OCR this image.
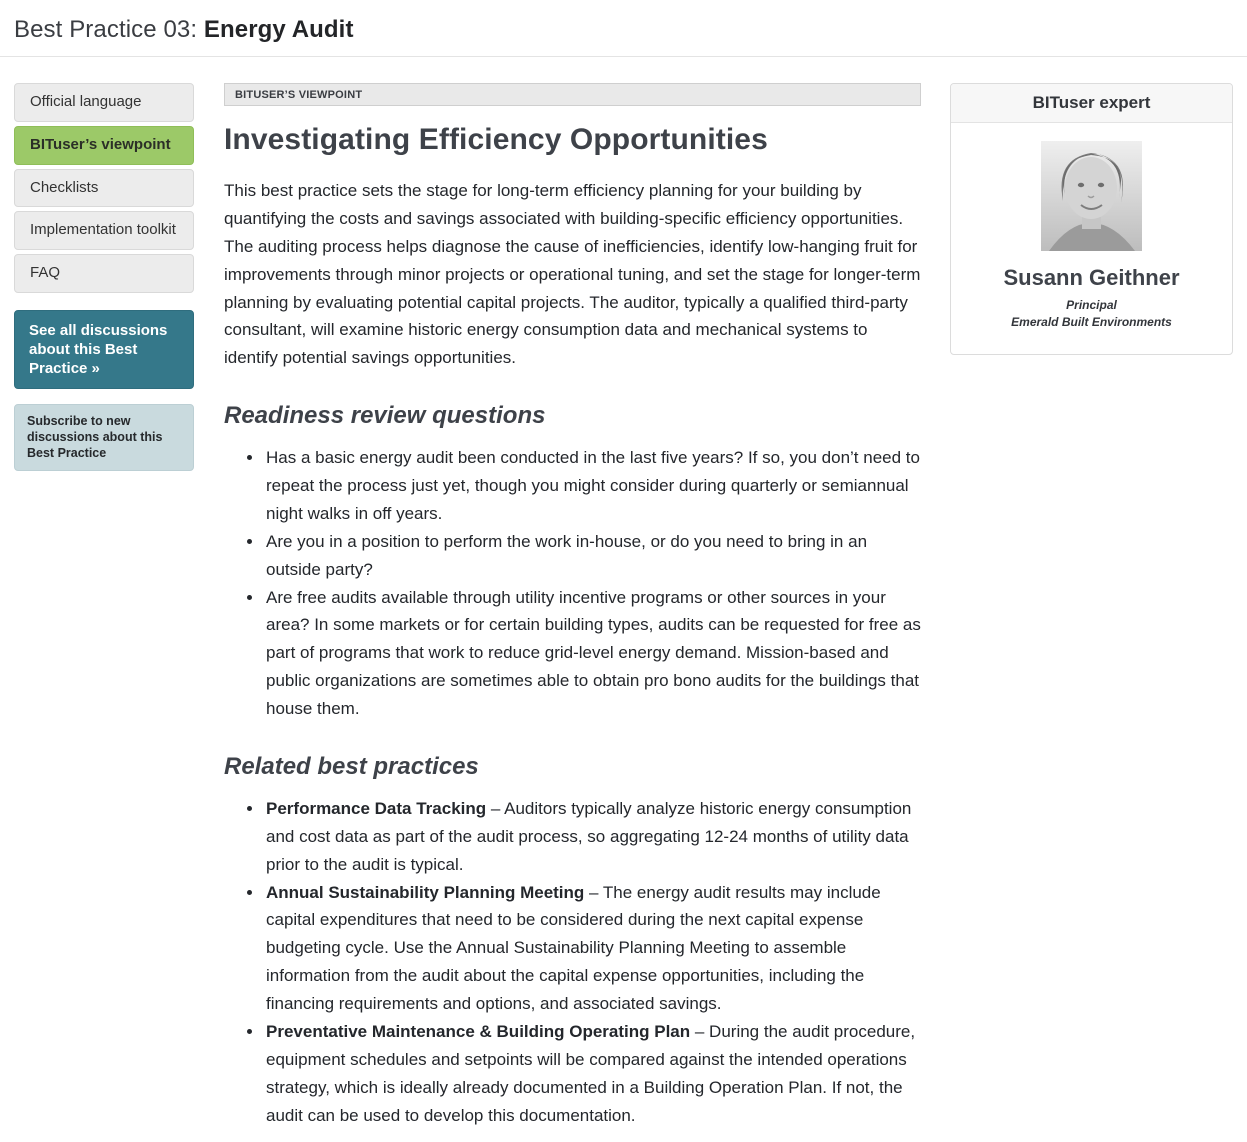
Best Practice 03: Energy Audit
Official language
BITuser’s viewpoint
Checklists
Implementation toolkit
FAQ
See all discussions about this Best Practice »
Subscribe to new discussions about this Best Practice
BITUSER’S VIEWPOINT
Investigating Efficiency Opportunities

This best practice sets the stage for long-term efficiency planning for your building by quantifying the costs and savings associated with building-specific efficiency opportunities. The auditing process helps diagnose the cause of inefficiencies, identify low-hanging fruit for improvements through minor projects or operational tuning, and set the stage for longer-term planning by evaluating potential capital projects. The auditor, typically a qualified third-party consultant, will examine historic energy consumption data and mechanical systems to identify potential savings opportunities.

Readiness review questions
• Has a basic energy audit been conducted in the last five years? If so, you don’t need to repeat the process just yet, though you might consider during quarterly or semiannual night walks in off years.
• Are you in a position to perform the work in-house, or do you need to bring in an outside party?
• Are free audits available through utility incentive programs or other sources in your area? In some markets or for certain building types, audits can be requested for free as part of programs that work to reduce grid-level energy demand. Mission-based and public organizations are sometimes able to obtain pro bono audits for the buildings that house them.
Related best practices
• Performance Data Tracking – Auditors typically analyze historic energy consumption and cost data as part of the audit process, so aggregating 12-24 months of utility data prior to the audit is typical.
• Annual Sustainability Planning Meeting – The energy audit results may include capital expenditures that need to be considered during the next capital expense budgeting cycle. Use the Annual Sustainability Planning Meeting to assemble information from the audit about the capital expense opportunities, including the financing requirements and options, and associated savings.
• Preventative Maintenance & Building Operating Plan – During the audit procedure, equipment schedules and setpoints will be compared against the intended operations strategy, which is ideally already documented in a Building Operation Plan. If not, the audit can be used to develop this documentation.
BITuser expert
Susann Geithner
Principal
Emerald Built Environments
